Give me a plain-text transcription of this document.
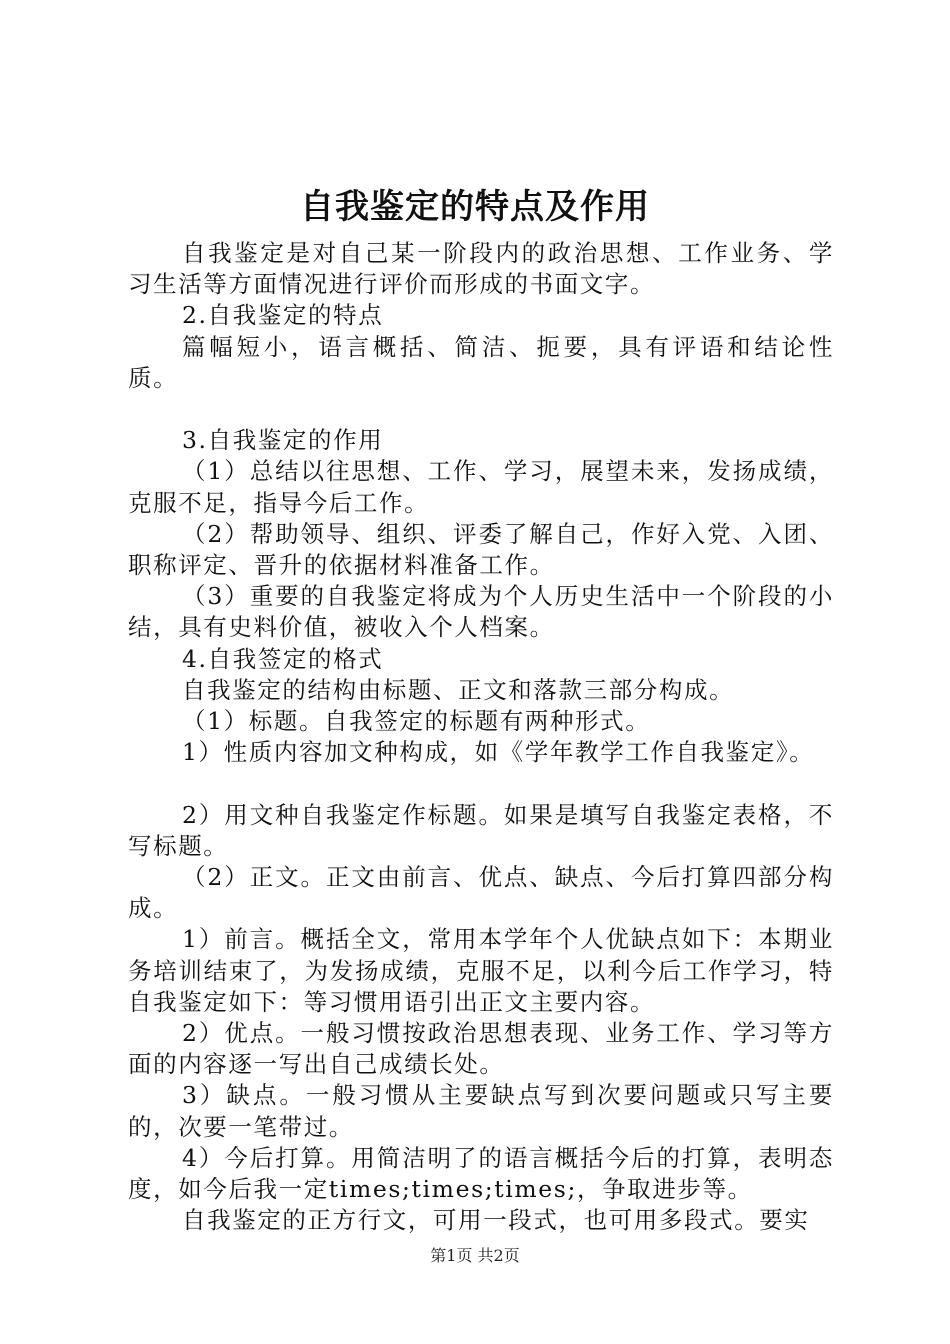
自我鉴定的特点及作用

自我鉴定是对自己某一阶段内的政治思想、工作业务、学习生活等方面情况进行评价而形成的书面文字。

2.自我鉴定的特点

篇幅短小，语言概括、简洁、扼要，具有评语和结论性质。

3.自我鉴定的作用

（1）总结以往思想、工作、学习，展望未来，发扬成绩，克服不足，指导今后工作。

（2）帮助领导、组织、评委了解自己，作好入党、入团、职称评定、晋升的依据材料准备工作。

（3）重要的自我鉴定将成为个人历史生活中一个阶段的小结，具有史料价值，被收入个人档案。

4.自我签定的格式

自我鉴定的结构由标题、正文和落款三部分构成。

（1）标题。自我签定的标题有两种形式。

1）性质内容加文种构成，如《学年教学工作自我鉴定》。

2）用文种自我鉴定作标题。如果是填写自我鉴定表格，不写标题。

（2）正文。正文由前言、优点、缺点、今后打算四部分构成。

1）前言。概括全文，常用本学年个人优缺点如下：本期业务培训结束了，为发扬成绩，克服不足，以利今后工作学习，特自我鉴定如下：等习惯用语引出正文主要内容。

2）优点。一般习惯按政治思想表现、业务工作、学习等方面的内容逐一写出自己成绩长处。

3）缺点。一般习惯从主要缺点写到次要问题或只写主要的，次要一笔带过。

4）今后打算。用简洁明了的语言概括今后的打算，表明态度，如今后我一定times;times;times;，争取进步等。

自我鉴定的正方行文，可用一段式，也可用多段式。要实

第1页 共2页
